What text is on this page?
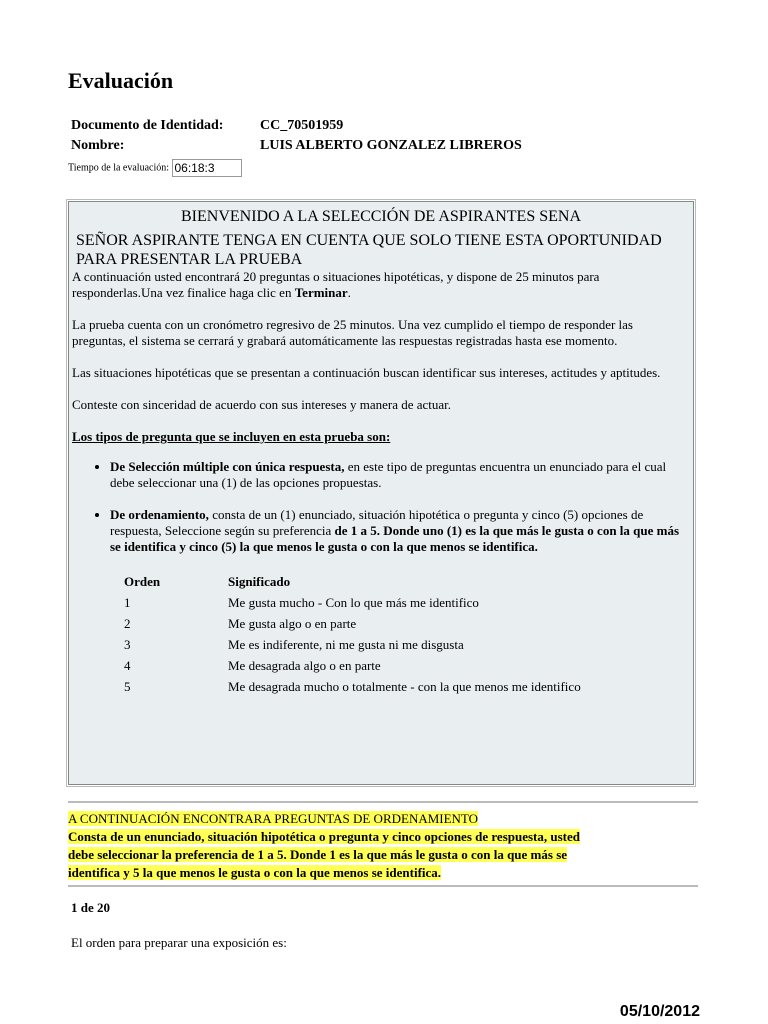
Evaluación
Documento de Identidad:	CC_70501959
Nombre:	LUIS ALBERTO GONZALEZ LIBREROS
Tiempo de la evaluación: 06:18:3
BIENVENIDO A LA SELECCIÓN DE ASPIRANTES SENA
SEÑOR ASPIRANTE TENGA EN CUENTA QUE SOLO TIENE ESTA OPORTUNIDAD PARA PRESENTAR LA PRUEBA

A continuación usted encontrará 20 preguntas o situaciones hipotéticas, y dispone de 25 minutos para responderlas.Una vez finalice haga clic en Terminar.

La prueba cuenta con un cronómetro regresivo de 25 minutos. Una vez cumplido el tiempo de responder las preguntas, el sistema se cerrará y grabará automáticamente las respuestas registradas hasta ese momento.

Las situaciones hipotéticas que se presentan a continuación buscan identificar sus intereses, actitudes y aptitudes.

Conteste con sinceridad de acuerdo con sus intereses y manera de actuar.

Los tipos de pregunta que se incluyen en esta prueba son:

• De Selección múltiple con única respuesta, en este tipo de preguntas encuentra un enunciado para el cual debe seleccionar una (1) de las opciones propuestas.
• De ordenamiento, consta de un (1) enunciado, situación hipotética o pregunta y cinco (5) opciones de respuesta, Seleccione según su preferencia de 1 a 5. Donde uno (1) es la que más le gusta o con la que más se identifica y cinco (5) la que menos le gusta o con la que menos se identifica.
Orden	Significado
1	Me gusta mucho - Con lo que más me identifico
2	Me gusta algo o en parte
3	Me es indiferente, ni me gusta ni me disgusta
4	Me desagrada algo o en parte
5	Me desagrada mucho o totalmente - con la que menos me identifico
A CONTINUACIÓN ENCONTRARA PREGUNTAS DE ORDENAMIENTO
Consta de un enunciado, situación hipotética o pregunta y cinco opciones de respuesta, usted
debe seleccionar la preferencia de 1 a 5. Donde 1 es la que más le gusta o con la que más se
identifica y 5 la que menos le gusta o con la que menos se identifica.
1 de 20
El orden para preparar una exposición es:
05/10/2012
